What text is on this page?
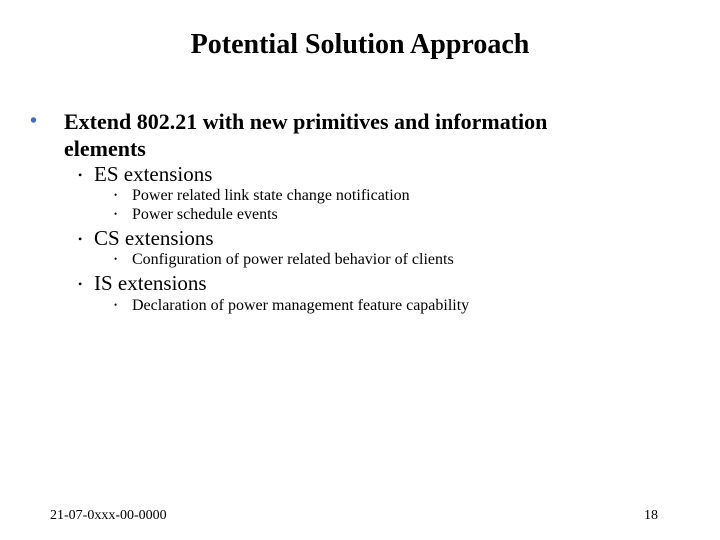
Potential Solution Approach
• Extend 802.21 with new primitives and information elements
• ES extensions
• Power related link state change notification
• Power schedule events
• CS extensions
• Configuration of power related behavior of clients
• IS extensions
• Declaration of power management feature capability
21-07-0xxx-00-0000	18
